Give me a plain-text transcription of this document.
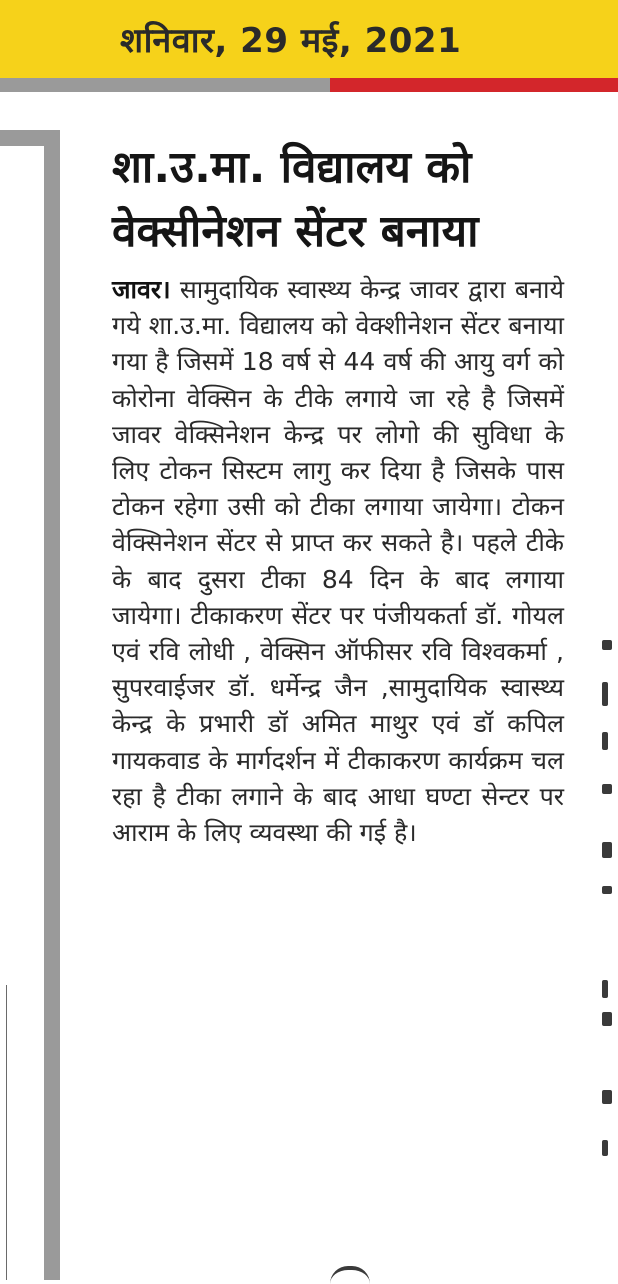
शनिवार, 29 मई, 2021
शा.उ.मा. विद्यालय को
वेक्सीनेशन सेंटर बनाया
जावर। सामुदायिक स्वास्थ्य केन्द्र जावर द्वारा बनाये गये शा.उ.मा. विद्यालय को वेक्शीनेशन सेंटर बनाया गया है जिसमें 18 वर्ष से 44 वर्ष की आयु वर्ग को कोरोना वेक्सिन के टीके लगाये जा रहे है जिसमें जावर वेक्सिनेशन केन्द्र पर लोगो की सुविधा के लिए टोकन सिस्टम लागु कर दिया है जिसके पास टोकन रहेगा उसी को टीका लगाया जायेगा। टोकन वेक्सिनेशन सेंटर से प्राप्त कर सकते है। पहले टीके के बाद दुसरा टीका 84 दिन के बाद लगाया जायेगा। टीकाकरण सेंटर पर पंजीयकर्ता डॉ. गोयल एवं रवि लोधी , वेक्सिन ऑफीसर रवि विश्वकर्मा , सुपरवाईजर डॉ. धर्मेन्द्र जैन ,सामुदायिक स्वास्थ्य केन्द्र के प्रभारी डॉ अमित माथुर एवं डॉ कपिल गायकवाड के मार्गदर्शन में टीकाकरण कार्यक्रम चल रहा है टीका लगाने के बाद आधा घण्टा सेन्टर पर आराम के लिए व्यवस्था की गई है।
